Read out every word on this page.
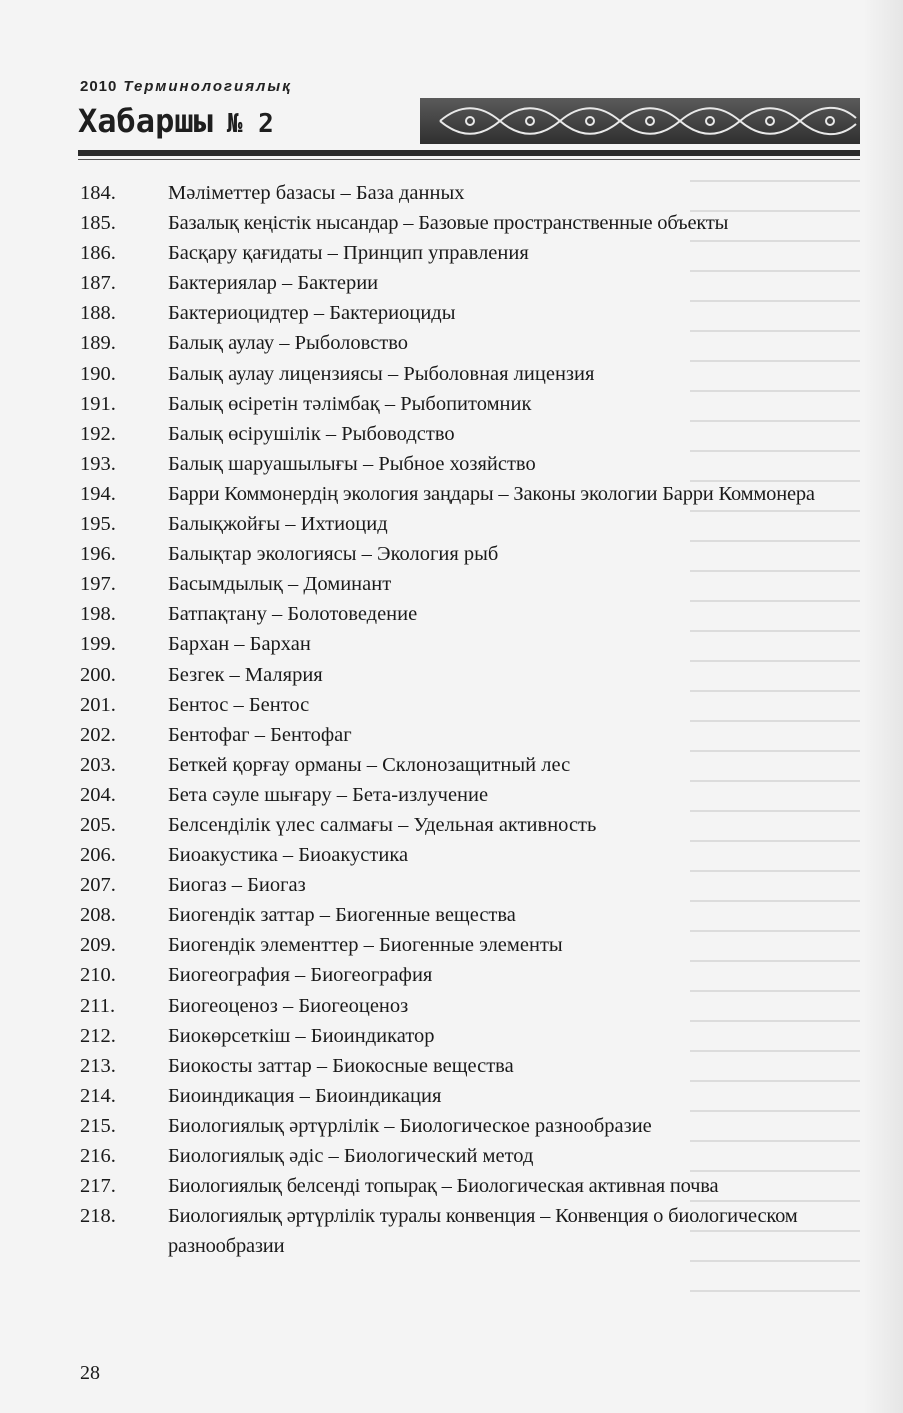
2010 Терминологиялық
Хабаршы № 2
184.	Мәліметтер базасы – База данных
185.	Базалық кеңістік нысандар – Базовые пространственные объекты
186.	Басқару қағидаты – Принцип управления
187.	Бактериялар – Бактерии
188.	Бактериоцидтер – Бактериоциды
189.	Балық аулау – Рыболовство
190.	Балық аулау лицензиясы – Рыболовная лицензия
191.	Балық өсіретін тәлімбақ – Рыбопитомник
192.	Балық өсірушілік – Рыбоводство
193.	Балық шаруашылығы – Рыбное хозяйство
194.	Барри Коммонердің экология заңдары – Законы экологии Барри Коммонера
195.	Балықжойғы – Ихтиоцид
196.	Балықтар экологиясы – Экология рыб
197.	Басымдылық – Доминант
198.	Батпақтану – Болотоведение
199.	Бархан – Бархан
200.	Безгек – Малярия
201.	Бентос – Бентос
202.	Бентофаг – Бентофаг
203.	Беткей қорғау орманы – Склонозащитный лес
204.	Бета сәуле шығару – Бета-излучение
205.	Белсенділік үлес салмағы – Удельная активность
206.	Биоакустика – Биоакустика
207.	Биогаз – Биогаз
208.	Биогендік заттар – Биогенные вещества
209.	Биогендік элементтер – Биогенные элементы
210.	Биогеография – Биогеография
211.	Биогеоценоз – Биогеоценоз
212.	Биокөрсеткіш – Биоиндикатор
213.	Биокосты заттар – Биокосные вещества
214.	Биоиндикация – Биоиндикация
215.	Биологиялық әртүрлілік – Биологическое разнообразие
216.	Биологиялық әдіс – Биологический метод
217.	Биологиялық белсенді топырақ – Биологическая активная почва
218.	Биологиялық әртүрлілік туралы конвенция – Конвенция о биологическом разнообразии
28
